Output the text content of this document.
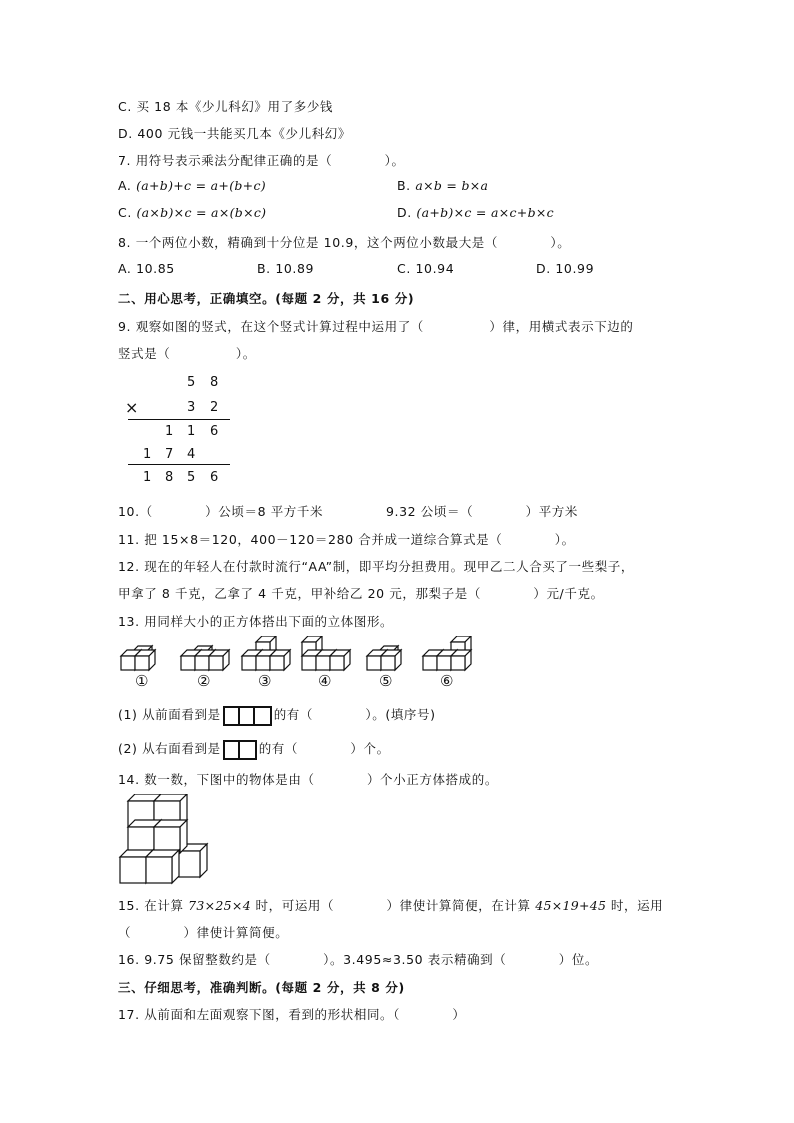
C. 买 18 本《少儿科幻》用了多少钱
D. 400 元钱一共能买几本《少儿科幻》
7. 用符号表示乘法分配律正确的是（　　　　）。
A. (a+b)+c = a+(b+c)	B. a×b = b×a
C. (a×b)×c = a×(b×c)	D. (a+b)×c = a×c+b×c
8. 一个两位小数，精确到十分位是 10.9，这个两位小数最大是（　　　　）。
A. 10.85	B. 10.89	C. 10.94	D. 10.99
二、用心思考，正确填空。(每题 2 分，共 16 分)
9. 观察如图的竖式，在这个竖式计算过程中运用了（　　　　　）律，用横式表示下边的
竖式是（　　　　　）。
5 8
×	3 2
1 1 6
1 7 4
1 8 5 6
10.（　　　　）公顷＝8 平方千米	9.32 公顷＝（　　　　）平方米
11. 把 15×8＝120，400－120＝280 合并成一道综合算式是（　　　　）。
12. 现在的年轻人在付款时流行“AA”制，即平均分担费用。现甲乙二人合买了一些梨子，
甲拿了 8 千克，乙拿了 4 千克，甲补给乙 20 元，那梨子是（　　　　）元/千克。
13. 用同样大小的正方体搭出下面的立体图形。
①	②	③	④	⑤	⑥
(1) 从前面看到是	的有（　　　　）。(填序号)
(2) 从右面看到是	的有（　　　　）个。
14. 数一数，下图中的物体是由（　　　　）个小正方体搭成的。
15. 在计算 73×25×4 时，可运用（　　　　）律使计算简便，在计算 45×19+45 时，运用
（　　　　）律使计算简便。
16. 9.75 保留整数约是（　　　　）。3.495≈3.50 表示精确到（　　　　）位。
三、仔细思考，准确判断。(每题 2 分，共 8 分)
17. 从前面和左面观察下图，看到的形状相同。（　　　　）
